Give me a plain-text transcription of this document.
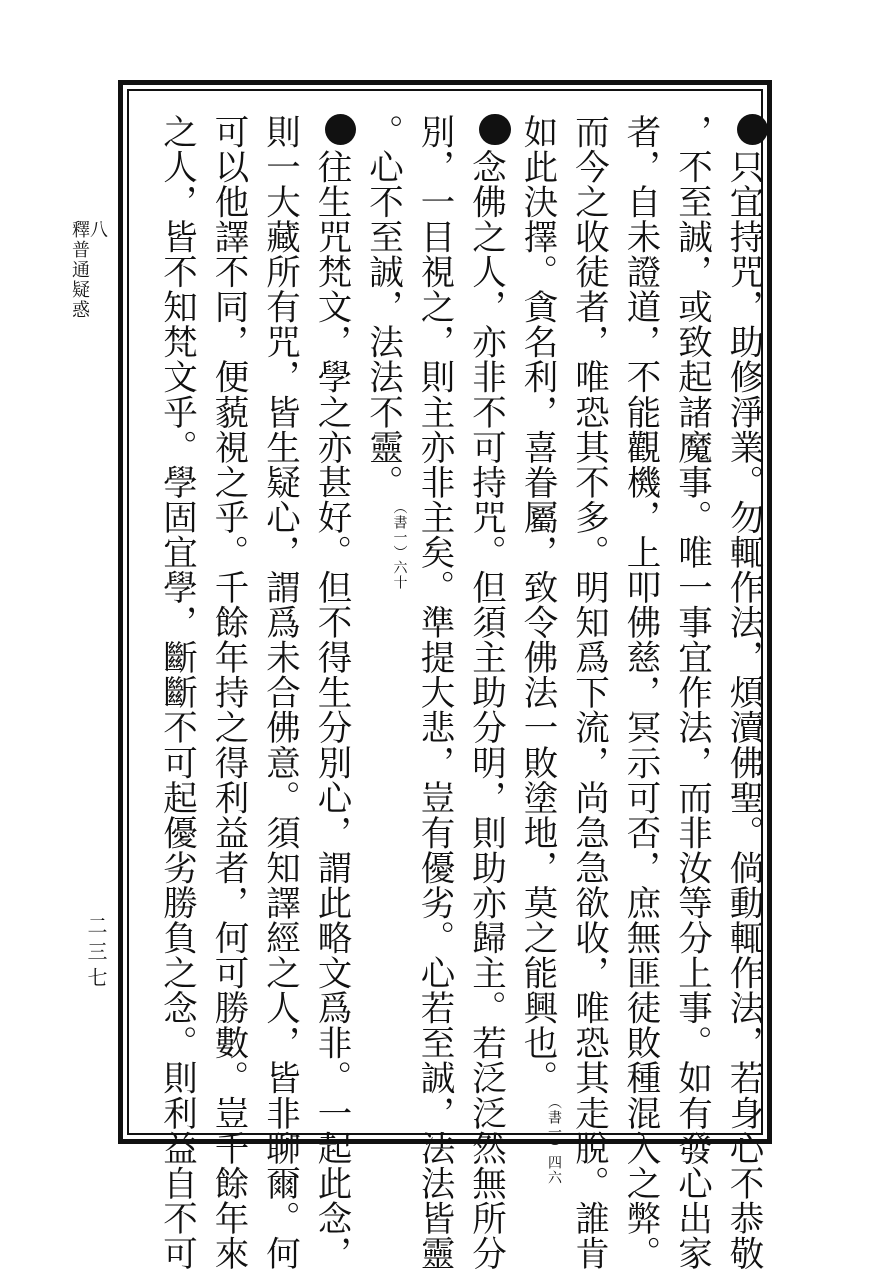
八
釋普通疑惑
二三七	只宜持咒，助修淨業。勿輒作法，煩瀆佛聖。倘動輒作法，若身心不恭敬
，不至誠，或致起諸魔事。唯一事宜作法，而非汝等分上事。如有發心出家
者，自未證道，不能觀機，上叩佛慈，冥示可否，庶無匪徒敗種混入之弊。
而今之收徒者，唯恐其不多。明知爲下流，尚急急欲收，唯恐其走脫。誰肯
如此決擇。貪名利，喜眷屬，致令佛法一敗塗地，莫之能興也。（書一）四六
念佛之人，亦非不可持咒。但須主助分明，則助亦歸主。若泛泛然無所分
別，一目視之，則主亦非主矣。準提大悲，豈有優劣。心若至誠，法法皆靈
。心不至誠，法法不靈。（書一）六十
往生咒梵文，學之亦甚好。但不得生分別心，謂此略文爲非。一起此念，
則一大藏所有咒，皆生疑心，謂爲未合佛意。須知譯經之人，皆非聊爾。何
可以他譯不同，便藐視之乎。千餘年持之得利益者，何可勝數。豈千餘年來
之人，皆不知梵文乎。學固宜學，斷斷不可起優劣勝負之念。則利益自不可
